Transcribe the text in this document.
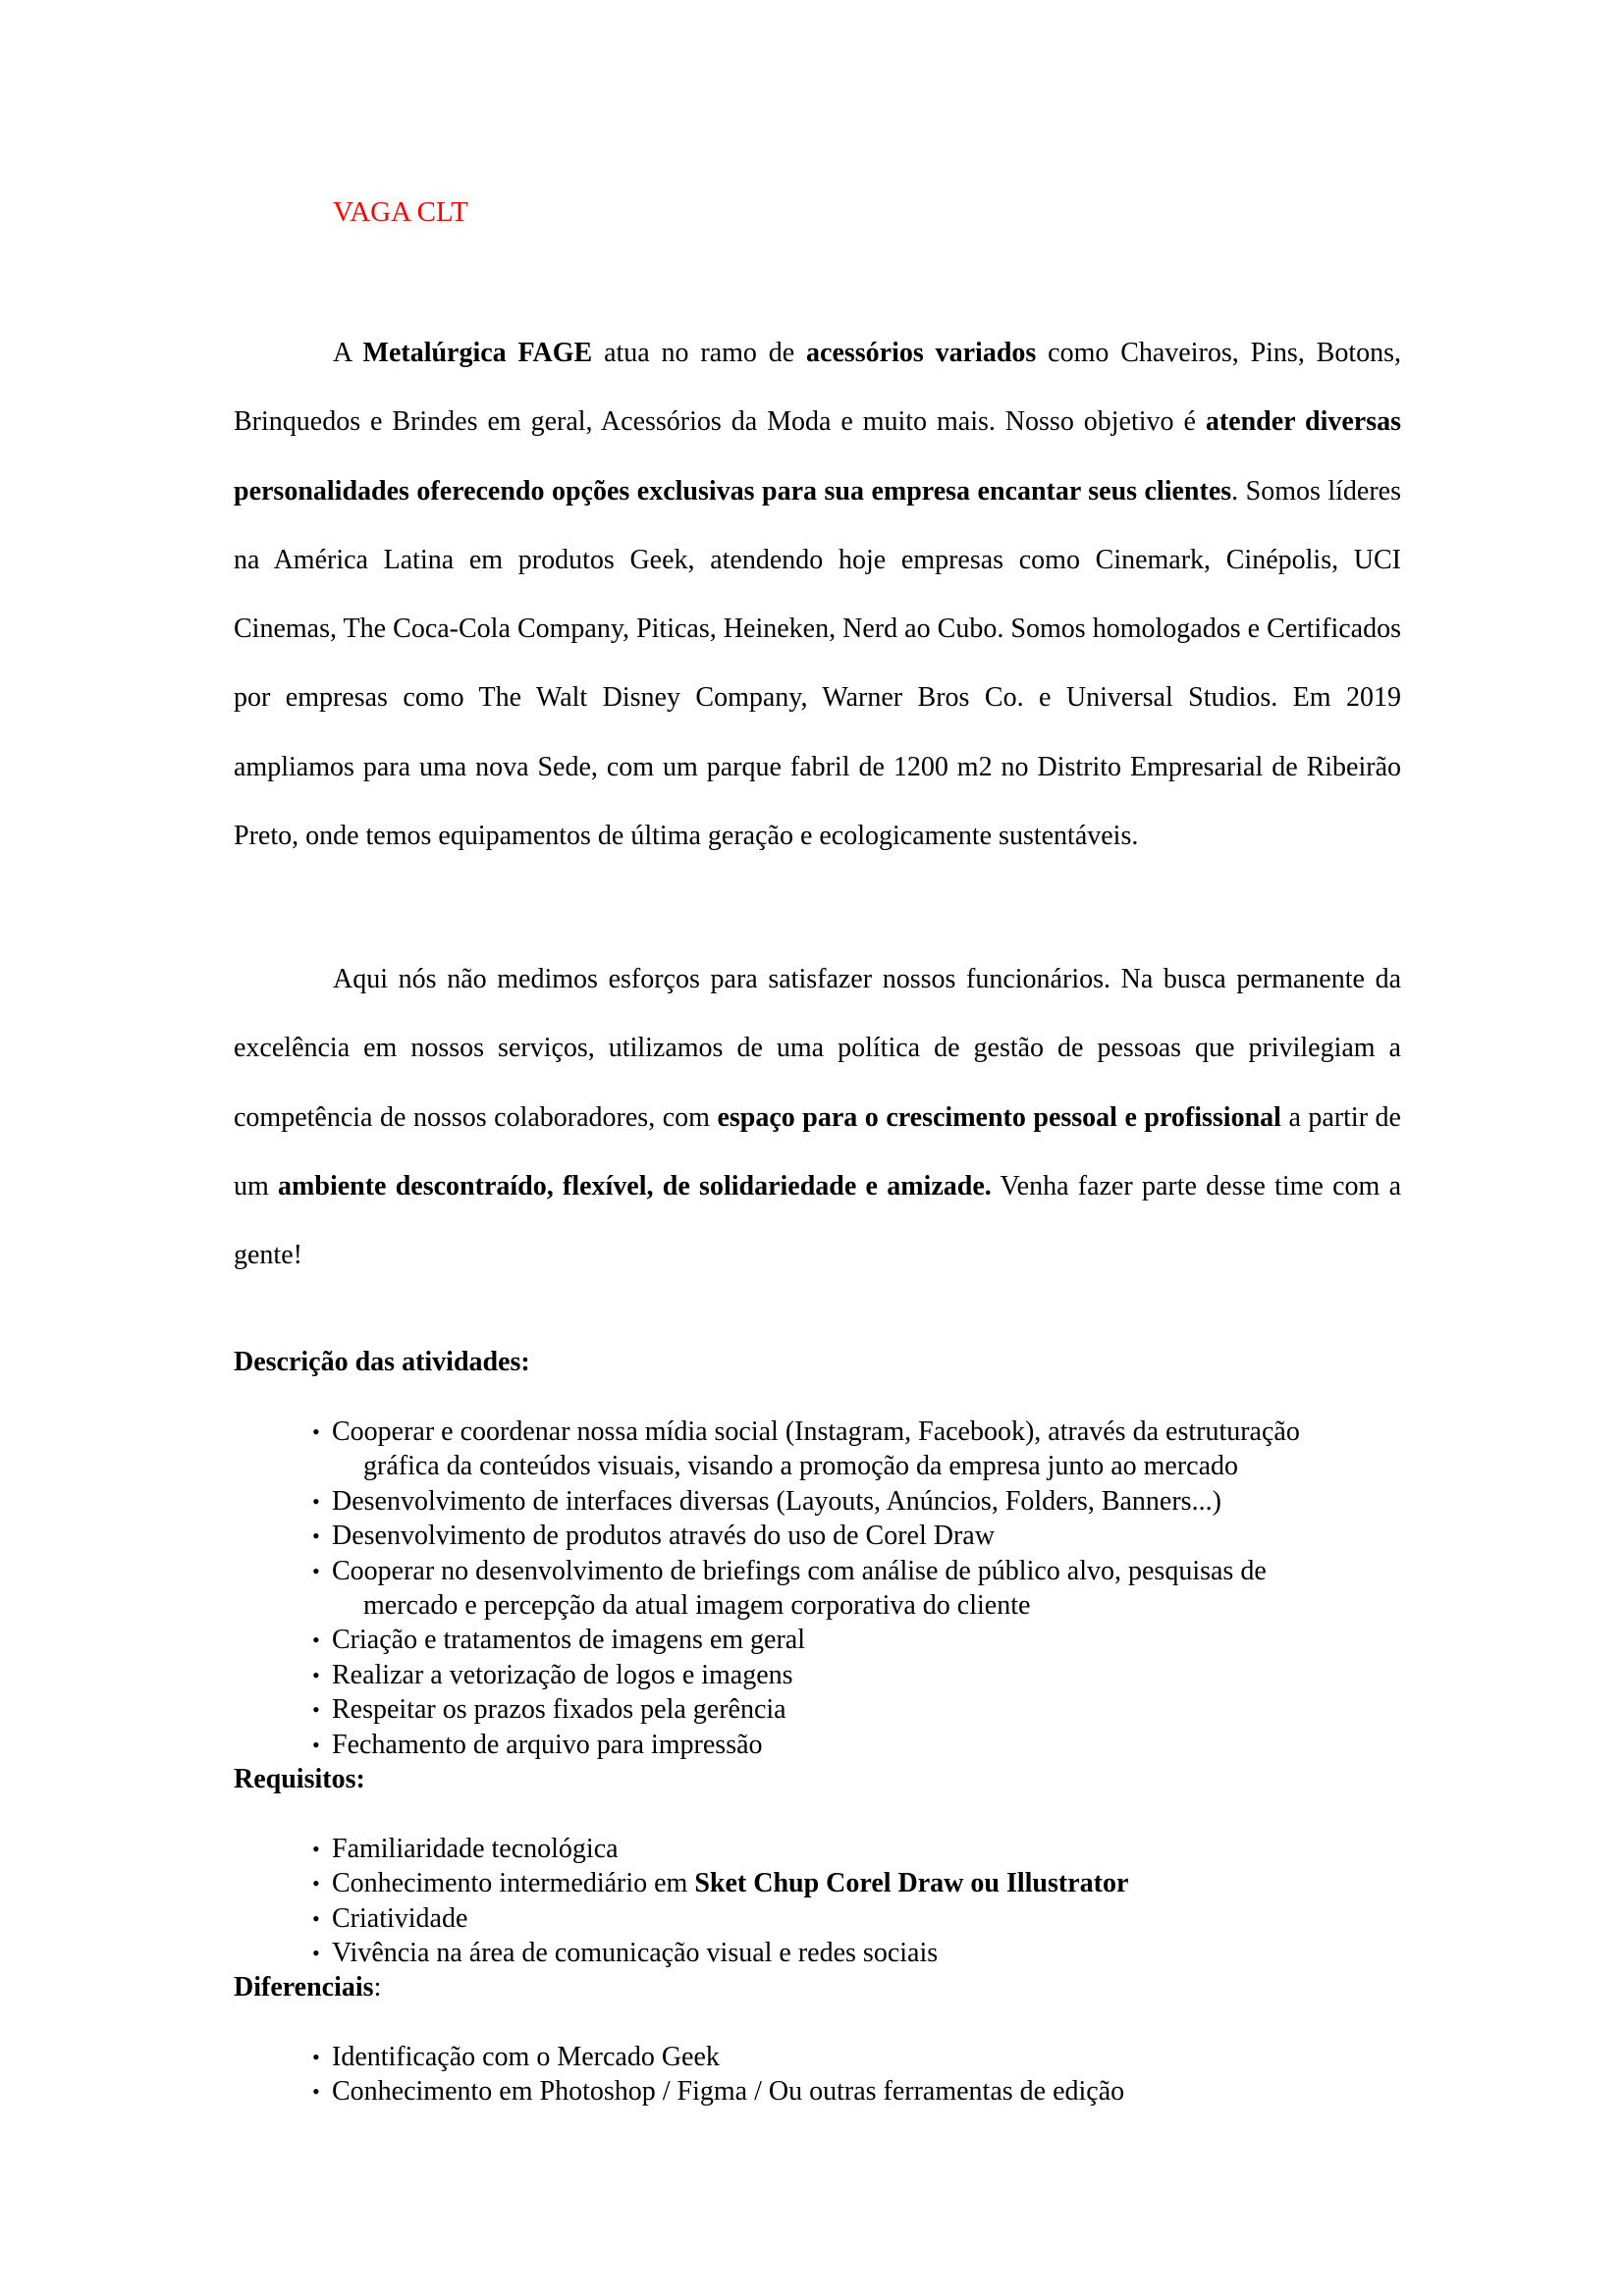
VAGA CLT

A Metalúrgica FAGE atua no ramo de acessórios variados como Chaveiros, Pins, Botons, Brinquedos e Brindes em geral, Acessórios da Moda e muito mais. Nosso objetivo é atender diversas personalidades oferecendo opções exclusivas para sua empresa encantar seus clientes. Somos líderes na América Latina em produtos Geek, atendendo hoje empresas como Cinemark, Cinépolis, UCI Cinemas, The Coca-Cola Company, Piticas, Heineken, Nerd ao Cubo. Somos homologados e Certificados por empresas como The Walt Disney Company, Warner Bros Co. e Universal Studios. Em 2019 ampliamos para uma nova Sede, com um parque fabril de 1200 m2 no Distrito Empresarial de Ribeirão Preto, onde temos equipamentos de última geração e ecologicamente sustentáveis.

Aqui nós não medimos esforços para satisfazer nossos funcionários. Na busca permanente da excelência em nossos serviços, utilizamos de uma política de gestão de pessoas que privilegiam a competência de nossos colaboradores, com espaço para o crescimento pessoal e profissional a partir de um ambiente descontraído, flexível, de solidariedade e amizade. Venha fazer parte desse time com a gente!

Descrição das atividades:
• Cooperar e coordenar nossa mídia social (Instagram, Facebook), através da estruturação
gráfica da conteúdos visuais, visando a promoção da empresa junto ao mercado
• Desenvolvimento de interfaces diversas (Layouts, Anúncios, Folders, Banners...)
• Desenvolvimento de produtos através do uso de Corel Draw
• Cooperar no desenvolvimento de briefings com análise de público alvo, pesquisas de
mercado e percepção da atual imagem corporativa do cliente
• Criação e tratamentos de imagens em geral
• Realizar a vetorização de logos e imagens
• Respeitar os prazos fixados pela gerência
• Fechamento de arquivo para impressão
Requisitos:
• Familiaridade tecnológica
• Conhecimento intermediário em Sket Chup Corel Draw ou Illustrator
• Criatividade
• Vivência na área de comunicação visual e redes sociais
Diferenciais:
• Identificação com o Mercado Geek
• Conhecimento em Photoshop / Figma / Ou outras ferramentas de edição
